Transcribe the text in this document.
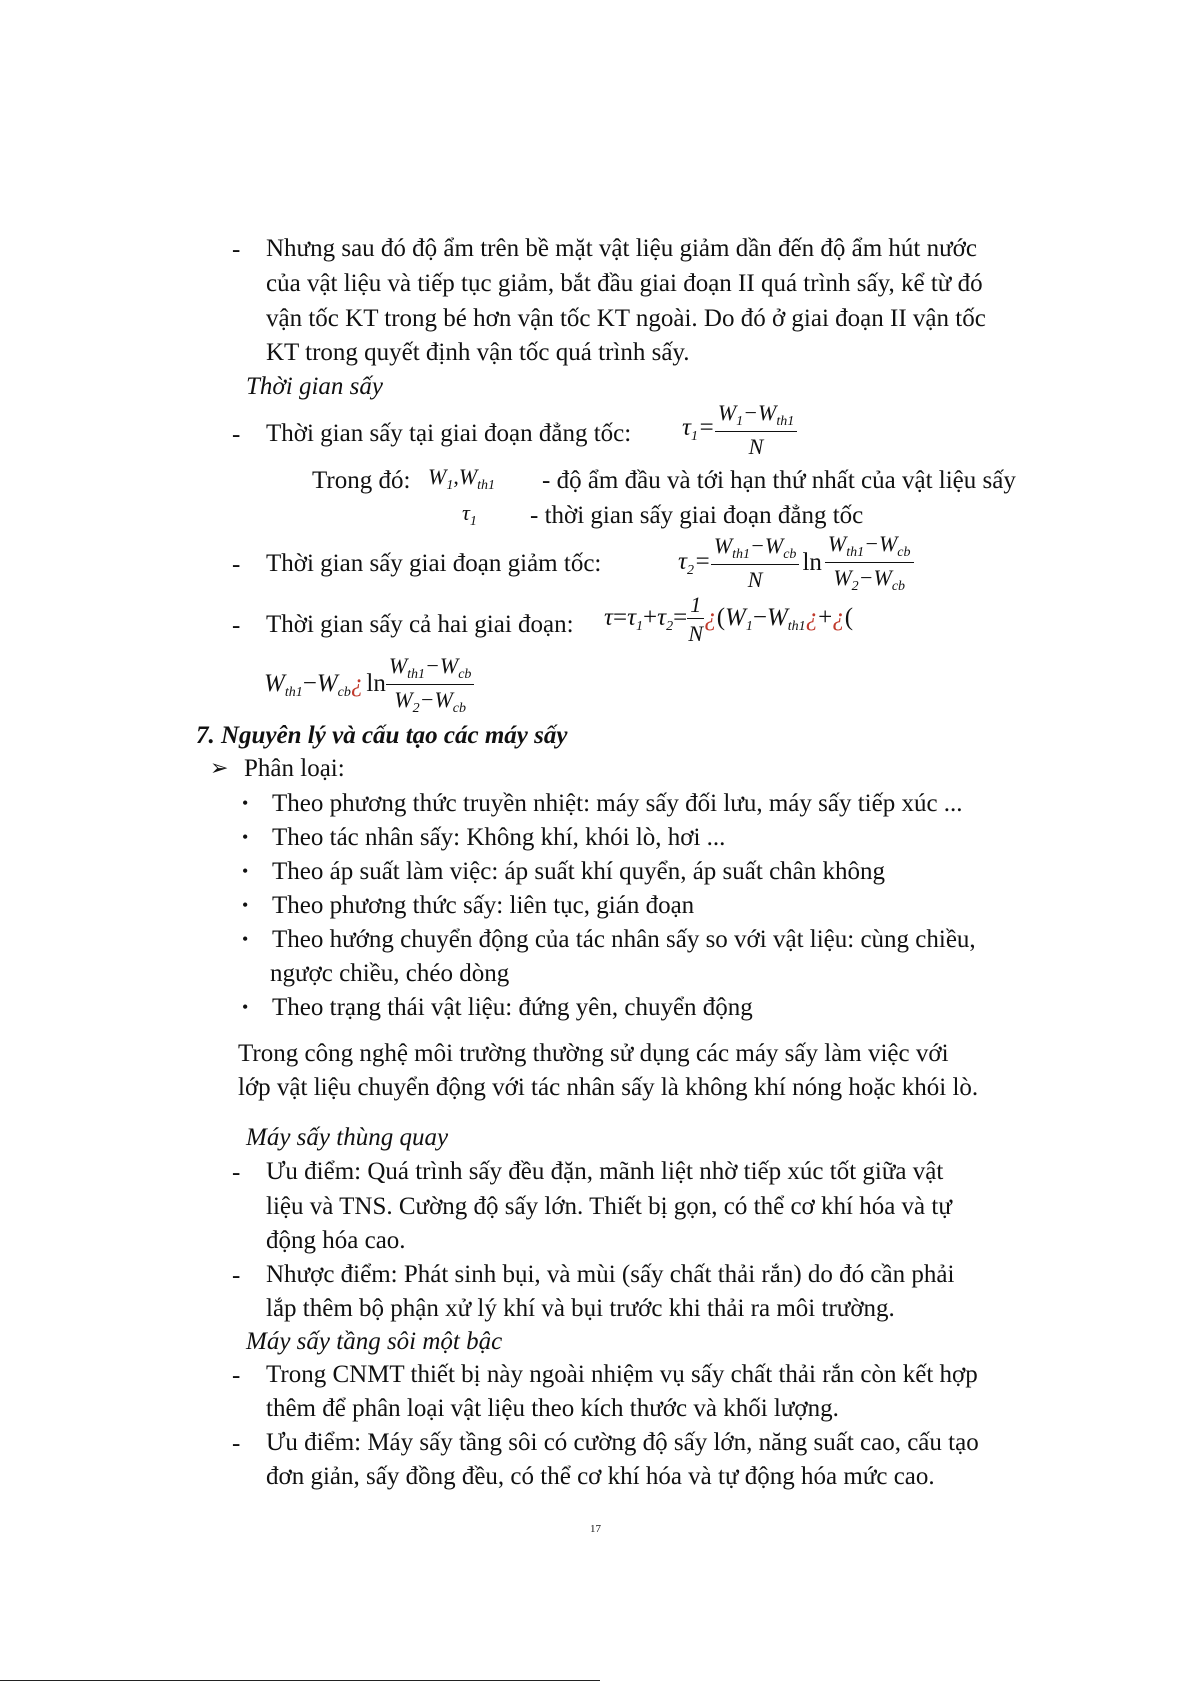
- Nhưng sau đó độ ẩm trên bề mặt vật liệu giảm dần đến độ ẩm hút nước
của vật liệu và tiếp tục giảm, bắt đầu giai đoạn II quá trình sấy, kể từ đó
vận tốc KT trong bé hơn vận tốc KT ngoài. Do đó ở giai đoạn II vận tốc
KT trong quyết định vận tốc quá trình sấy.
Thời gian sấy
- Thời gian sấy tại giai đoạn đẳng tốc: $\tau_1= \frac{W_1-W_{th1}}{N}$
Trong đó: $W_1,W_{th1}$ - độ ẩm đầu và tới hạn thứ nhất của vật liệu sấy
$\tau_1$ - thời gian sấy giai đoạn đẳng tốc
- Thời gian sấy giai đoạn giảm tốc:	$\tau_2= \frac{W_{th1}-W_{cb}}{N}$ $\ln \frac{W_{th1}-W_{cb}}{W_2-W_{cb}}$
- Thời gian sấy cả hai giai đoạn: $\tau=\tau_1+\tau_2= \frac{1}{N}$ ¿($W_1-W_{th1}¿+¿$(
$W_{th1}-W_{cb}¿$ $\ln \frac{W_{th1}-W_{cb}}{W_2-W_{cb}}$
7. Nguyên lý và cấu tạo các máy sấy
➢ Phân loại:
• Theo phương thức truyền nhiệt: máy sấy đối lưu, máy sấy tiếp xúc ...
• Theo tác nhân sấy: Không khí, khói lò, hơi ...
• Theo áp suất làm việc: áp suất khí quyển, áp suất chân không
• Theo phương thức sấy: liên tục, gián đoạn
• Theo hướng chuyển động của tác nhân sấy so với vật liệu: cùng chiều,
ngược chiều, chéo dòng
• Theo trạng thái vật liệu: đứng yên, chuyển động
Trong công nghệ môi trường thường sử dụng các máy sấy làm việc với
lớp vật liệu chuyển động với tác nhân sấy là không khí nóng hoặc khói lò.
Máy sấy thùng quay
- Ưu điểm: Quá trình sấy đều đặn, mãnh liệt nhờ tiếp xúc tốt giữa vật
liệu và TNS. Cường độ sấy lớn. Thiết bị gọn, có thể cơ khí hóa và tự
động hóa cao.
- Nhược điểm: Phát sinh bụi, và mùi (sấy chất thải rắn) do đó cần phải
lắp thêm bộ phận xử lý khí và bụi trước khi thải ra môi trường.
Máy sấy tầng sôi một bậc
- Trong CNMT thiết bị này ngoài nhiệm vụ sấy chất thải rắn còn kết hợp
thêm để phân loại vật liệu theo kích thước và khối lượng.
- Ưu điểm: Máy sấy tầng sôi có cường độ sấy lớn, năng suất cao, cấu tạo
đơn giản, sấy đồng đều, có thể cơ khí hóa và tự động hóa mức cao.
17
